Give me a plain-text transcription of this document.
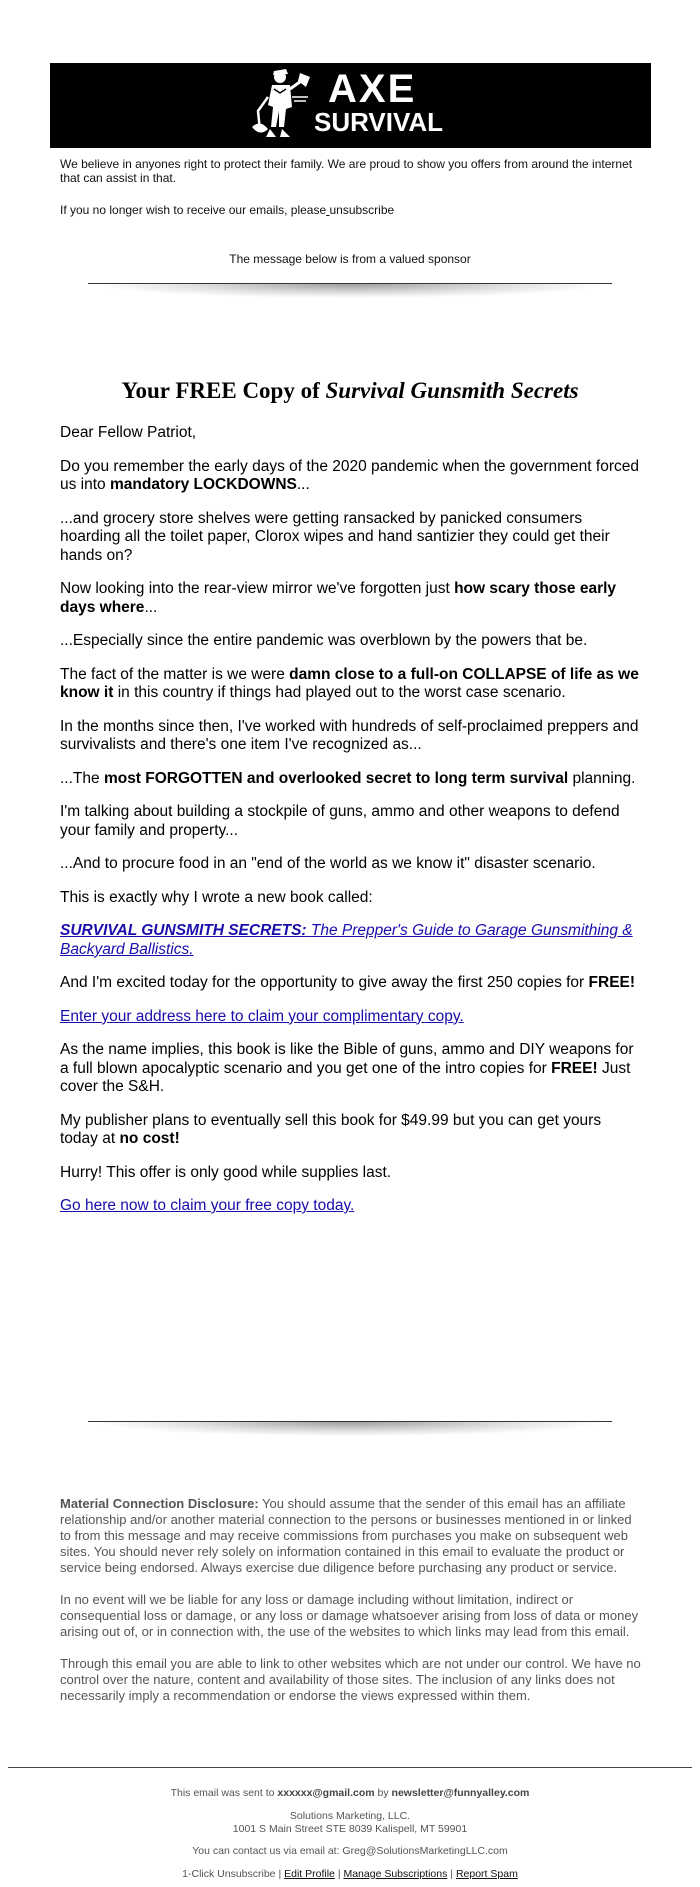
AXE
SURVIVAL
We believe in anyones right to protect their family. We are proud to show you offers from around the internet that can assist in that.
If you no longer wish to receive our emails, please unsubscribe
The message below is from a valued sponsor
Your FREE Copy of Survival Gunsmith Secrets

Dear Fellow Patriot,

Do you remember the early days of the 2020 pandemic when the government forced us into mandatory LOCKDOWNS...

...and grocery store shelves were getting ransacked by panicked consumers hoarding all the toilet paper, Clorox wipes and hand santizier they could get their hands on?

Now looking into the rear-view mirror we've forgotten just how scary those early days where...

...Especially since the entire pandemic was overblown by the powers that be.

The fact of the matter is we were damn close to a full-on COLLAPSE of life as we know it in this country if things had played out to the worst case scenario.

In the months since then, I've worked with hundreds of self-proclaimed preppers and survivalists and there's one item I've recognized as...

...The most FORGOTTEN and overlooked secret to long term survival planning.

I'm talking about building a stockpile of guns, ammo and other weapons to defend your family and property...

...And to procure food in an "end of the world as we know it" disaster scenario.

This is exactly why I wrote a new book called:

SURVIVAL GUNSMITH SECRETS: The Prepper's Guide to Garage Gunsmithing & Backyard Ballistics.

And I'm excited today for the opportunity to give away the first 250 copies for FREE!

Enter your address here to claim your complimentary copy.

As the name implies, this book is like the Bible of guns, ammo and DIY weapons for a full blown apocalyptic scenario and you get one of the intro copies for FREE! Just cover the S&H.

My publisher plans to eventually sell this book for $49.99 but you can get yours today at no cost!

Hurry! This offer is only good while supplies last.

Go here now to claim your free copy today.

Material Connection Disclosure: You should assume that the sender of this email has an affiliate relationship and/or another material connection to the persons or businesses mentioned in or linked to from this message and may receive commissions from purchases you make on subsequent web sites. You should never rely solely on information contained in this email to evaluate the product or service being endorsed. Always exercise due diligence before purchasing any product or service.

In no event will we be liable for any loss or damage including without limitation, indirect or consequential loss or damage, or any loss or damage whatsoever arising from loss of data or money arising out of, or in connection with, the use of the websites to which links may lead from this email.

Through this email you are able to link to other websites which are not under our control. We have no control over the nature, content and availability of those sites. The inclusion of any links does not necessarily imply a recommendation or endorse the views expressed within them.

This email was sent to xxxxxx@gmail.com by newsletter@funnyalley.com
Solutions Marketing, LLC.
1001 S Main Street STE 8039 Kalispell, MT 59901
You can contact us via email at: Greg@SolutionsMarketingLLC.com
1-Click Unsubscribe | Edit Profile | Manage Subscriptions | Report Spam
